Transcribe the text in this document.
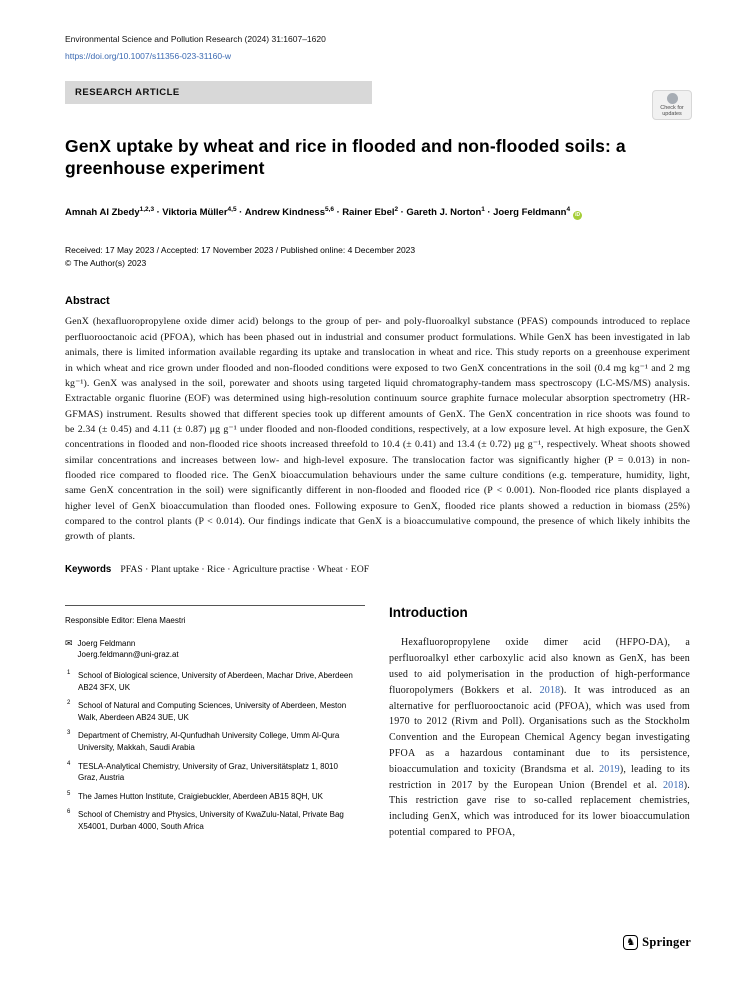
Environmental Science and Pollution Research (2024) 31:1607–1620
https://doi.org/10.1007/s11356-023-31160-w
RESEARCH ARTICLE
Check for
updates
GenX uptake by wheat and rice in flooded and non-flooded soils: a greenhouse experiment
Amnah Al Zbedy$^{1,2,3}$ · Viktoria Müller$^{4,5}$ · Andrew Kindness$^{5,6}$ · Rainer Ebel$^2$ · Gareth J. Norton$^1$ · Joerg Feldmann$^4$iD
Received: 17 May 2023 / Accepted: 17 November 2023 / Published online: 4 December 2023
© The Author(s) 2023
Abstract

GenX (hexafluoropropylene oxide dimer acid) belongs to the group of per- and poly-fluoroalkyl substance (PFAS) compounds introduced to replace perfluorooctanoic acid (PFOA), which has been phased out in industrial and consumer product formulations. While GenX has been investigated in lab animals, there is limited information available regarding its uptake and translocation in wheat and rice. This study reports on a greenhouse experiment in which wheat and rice grown under flooded and non-flooded conditions were exposed to two GenX concentrations in the soil (0.4 mg kg⁻¹ and 2 mg kg⁻¹). GenX was analysed in the soil, porewater and shoots using targeted liquid chromatography-tandem mass spectroscopy (LC-MS/MS) analysis. Extractable organic fluorine (EOF) was determined using high-resolution continuum source graphite furnace molecular absorption spectrometry (HR-GFMAS) instrument. Results showed that different species took up different amounts of GenX. The GenX concentration in rice shoots was found to be 2.34 (± 0.45) and 4.11 (± 0.87) μg g⁻¹ under flooded and non-flooded conditions, respectively, at a low exposure level. At high exposure, the GenX concentrations in flooded and non-flooded rice shoots increased threefold to 10.4 (± 0.41) and 13.4 (± 0.72) μg g⁻¹, respectively. Wheat shoots showed similar concentrations and increases between low- and high-level exposure. The translocation factor was significantly higher (P = 0.013) in non-flooded rice compared to flooded rice. The GenX bioaccumulation behaviours under the same culture conditions (e.g. temperature, humidity, light, same GenX concentration in the soil) were significantly different in non-flooded and flooded rice (P < 0.001). Non-flooded rice plants displayed a higher level of GenX bioaccumulation than flooded ones. Following exposure to GenX, flooded rice plants showed a reduction in biomass (25%) compared to the control plants (P < 0.014). Our findings indicate that GenX is a bioaccumulative compound, the presence of which likely inhibits the growth of plants.

Keywords PFAS · Plant uptake · Rice · Agriculture practise · Wheat · EOF
Responsible Editor: Elena Maestri
✉ Joerg Feldmann
Joerg.feldmann@uni-graz.at
1 School of Biological science, University of Aberdeen, Machar Drive, Aberdeen AB24 3FX, UK
2 School of Natural and Computing Sciences, University of Aberdeen, Meston Walk, Aberdeen AB24 3UE, UK
3 Department of Chemistry, Al-Qunfudhah University College, Umm Al-Qura University, Makkah, Saudi Arabia
4 TESLA-Analytical Chemistry, University of Graz, Universitätsplatz 1, 8010 Graz, Austria
5 The James Hutton Institute, Craigiebuckler, Aberdeen AB15 8QH, UK
6 School of Chemistry and Physics, University of KwaZulu-Natal, Private Bag X54001, Durban 4000, South Africa
Introduction

Hexafluoropropylene oxide dimer acid (HFPO-DA), a perfluoroalkyl ether carboxylic acid also known as GenX, has been used to aid polymerisation in the production of high-performance fluoropolymers (Bokkers et al. 2018). It was introduced as an alternative for perfluorooctanoic acid (PFOA), which was used from 1970 to 2012 (Rivm and Poll). Organisations such as the Stockholm Convention and the European Chemical Agency began investigating PFOA as a hazardous contaminant due to its persistence, bioaccumulation and toxicity (Brandsma et al. 2019), leading to its restriction in 2017 by the European Union (Brendel et al. 2018). This restriction gave rise to so-called replacement chemistries, including GenX, which was introduced for its lower bioaccumulation potential compared to PFOA,

♞ Springer
